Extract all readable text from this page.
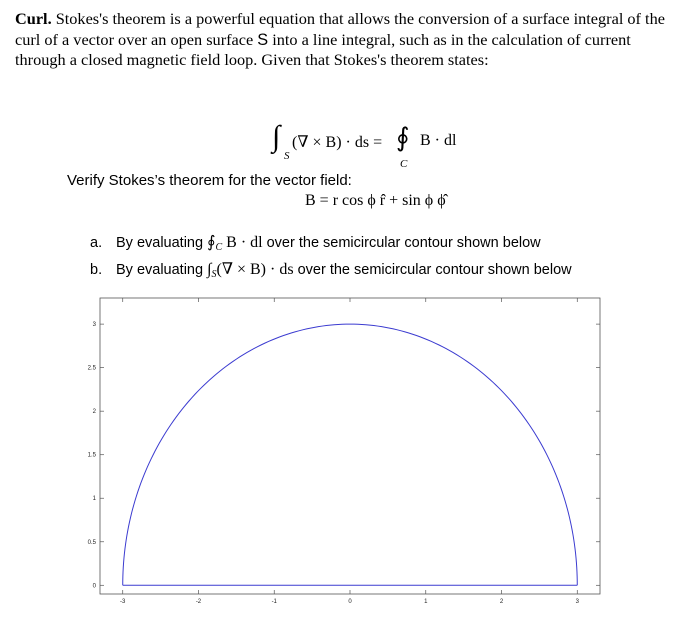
Curl. Stokes's theorem is a powerful equation that allows the conversion of a surface integral of the curl of a vector over an open surface S into a line integral, such as in the calculation of current through a closed magnetic field loop. Given that Stokes's theorem states:
∫
S
(∇ × B) · ds = ∮
C
B · dl
Verify Stokes’s theorem for the vector field:
B = r cos ϕ r̂ + sin ϕ ϕ̂
a. By evaluating $∮_C$ B · dl over the semicircular contour shown below
b. By evaluating $\int_S(\nabla \times B)$ · ds over the semicircular contour shown below
-3	-2	-1	0	1	2	3
0
0.5
1
1.5
2
2.5
3
